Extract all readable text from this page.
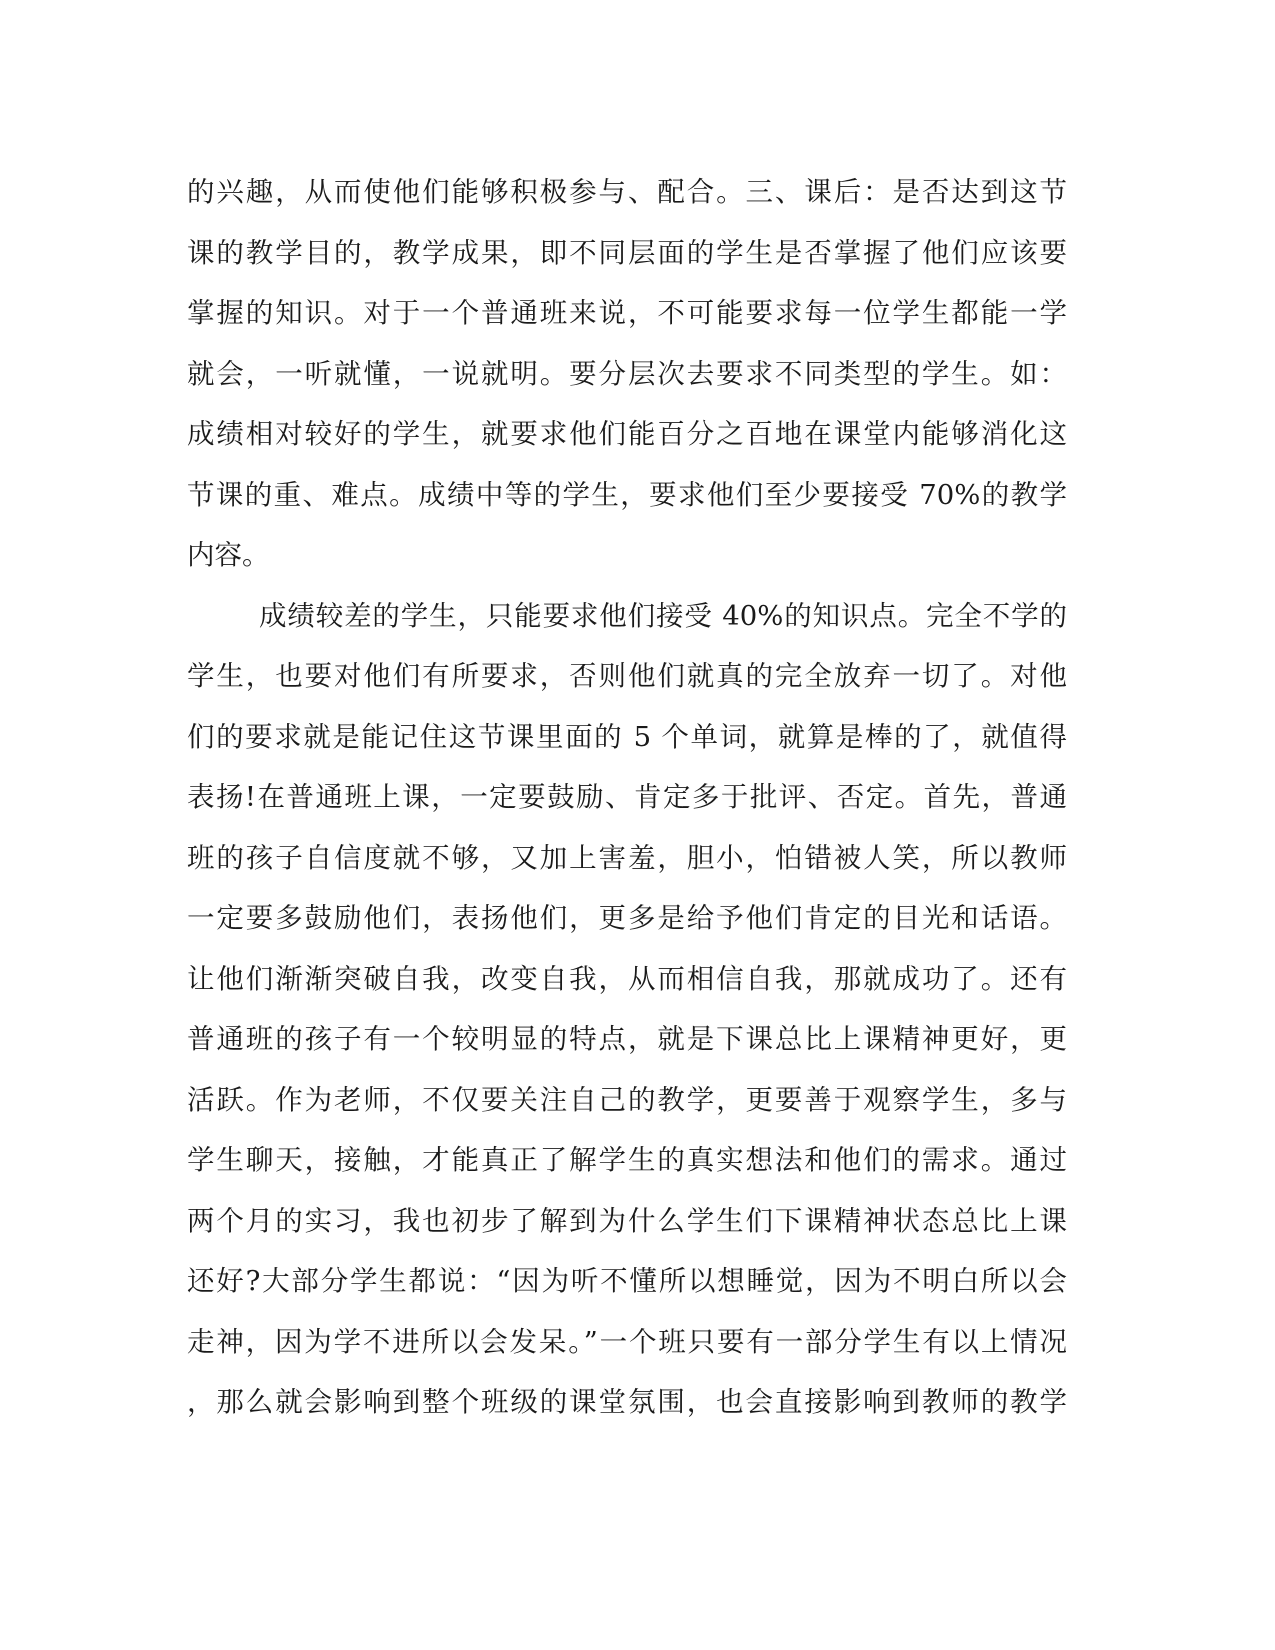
的兴趣，从而使他们能够积极参与、配合。三、课后：是否达到这节
课的教学目的，教学成果，即不同层面的学生是否掌握了他们应该要
掌握的知识。对于一个普通班来说，不可能要求每一位学生都能一学
就会，一听就懂，一说就明。要分层次去要求不同类型的学生。如：
成绩相对较好的学生，就要求他们能百分之百地在课堂内能够消化这
节课的重、难点。成绩中等的学生，要求他们至少要接受 70%的教学
内容。
成绩较差的学生，只能要求他们接受 40%的知识点。完全不学的
学生，也要对他们有所要求，否则他们就真的完全放弃一切了。对他
们的要求就是能记住这节课里面的 5 个单词，就算是棒的了，就值得
表扬!在普通班上课，一定要鼓励、肯定多于批评、否定。首先，普通
班的孩子自信度就不够，又加上害羞，胆小，怕错被人笑，所以教师
一定要多鼓励他们，表扬他们，更多是给予他们肯定的目光和话语。
让他们渐渐突破自我，改变自我，从而相信自我，那就成功了。还有
普通班的孩子有一个较明显的特点，就是下课总比上课精神更好，更
活跃。作为老师，不仅要关注自己的教学，更要善于观察学生，多与
学生聊天，接触，才能真正了解学生的真实想法和他们的需求。通过
两个月的实习，我也初步了解到为什么学生们下课精神状态总比上课
还好?大部分学生都说：“因为听不懂所以想睡觉，因为不明白所以会
走神，因为学不进所以会发呆。”一个班只要有一部分学生有以上情况
，那么就会影响到整个班级的课堂氛围，也会直接影响到教师的教学
